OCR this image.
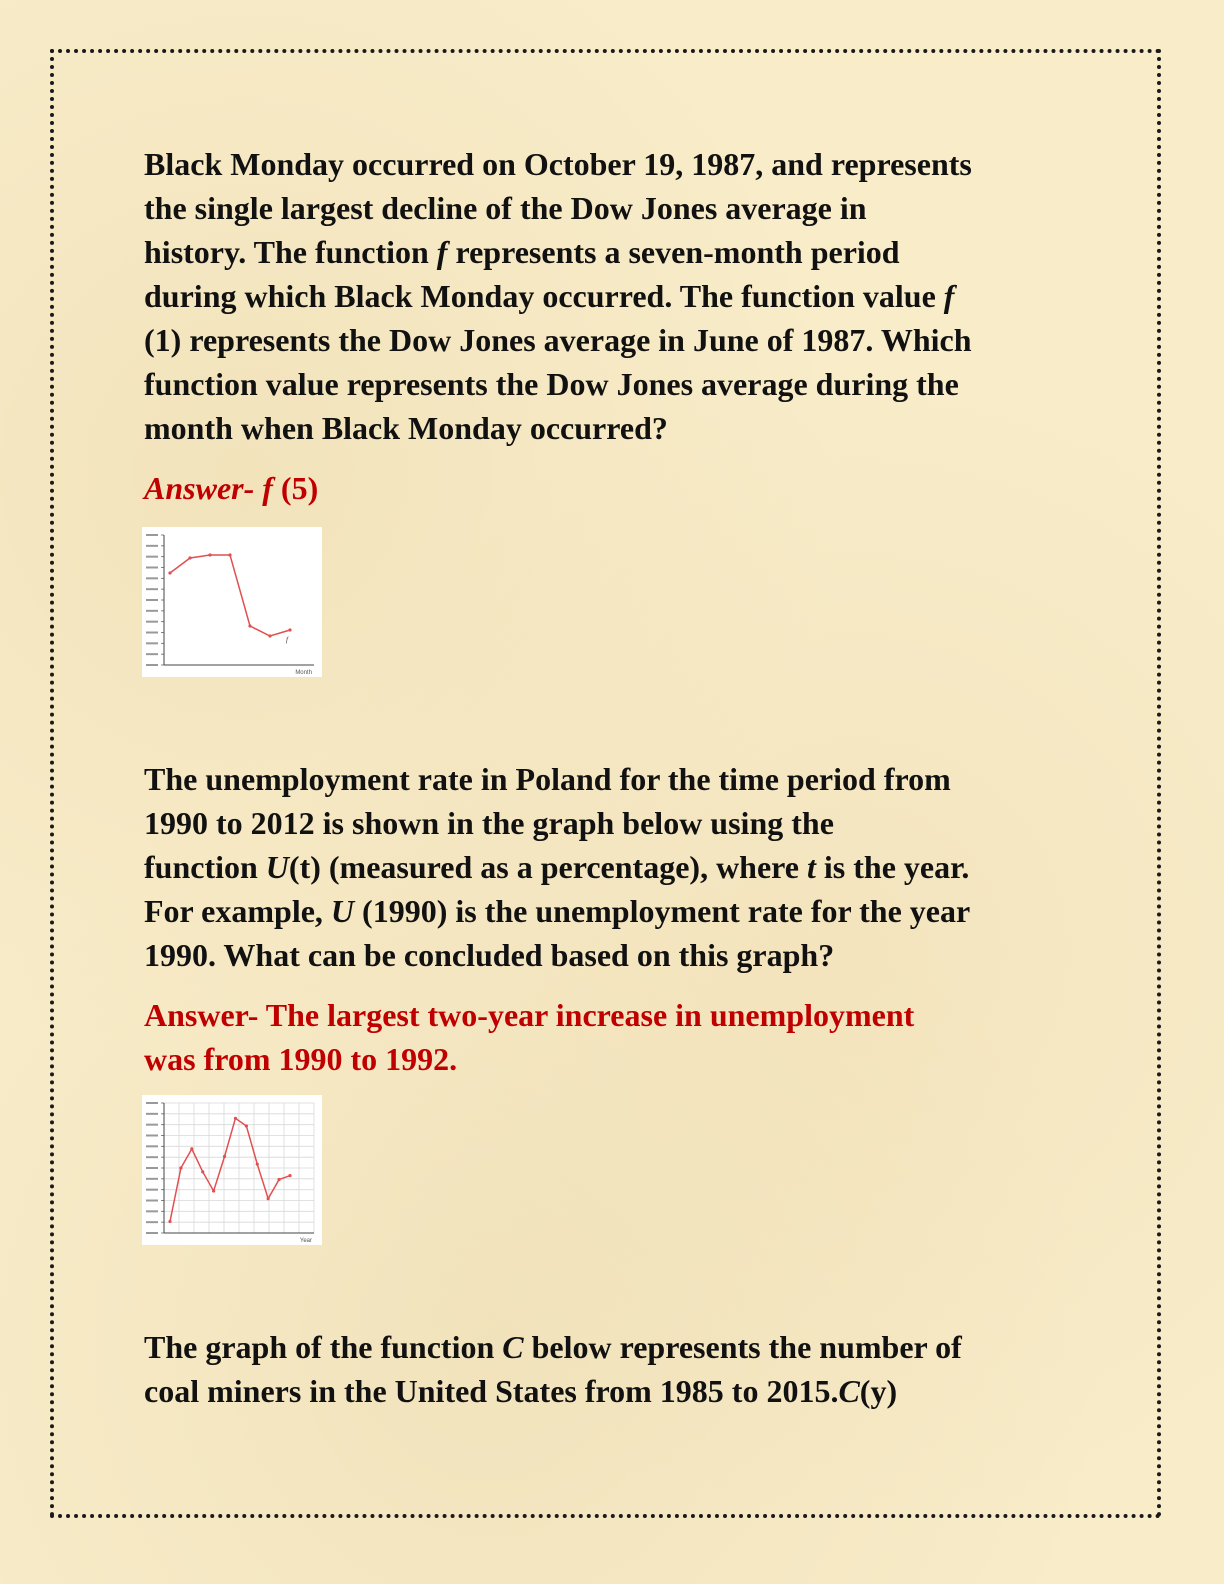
Black Monday occurred on October 19, 1987, and represents

the single largest decline of the Dow Jones average in

history. The function f represents a seven-month period

during which Black Monday occurred. The function value f

(1) represents the Dow Jones average in June of 1987. Which

function value represents the Dow Jones average during the

month when Black Monday occurred?

Answer- f (5)

f
Month

The unemployment rate in Poland for the time period from

1990 to 2012 is shown in the graph below using the

function U(t) (measured as a percentage), where t is the year.

For example, U (1990) is the unemployment rate for the year

1990. What can be concluded based on this graph?

Answer- The largest two-year increase in unemployment

was from 1990 to 1992.

Year

The graph of the function C below represents the number of

coal miners in the United States from 1985 to 2015.C(y)
